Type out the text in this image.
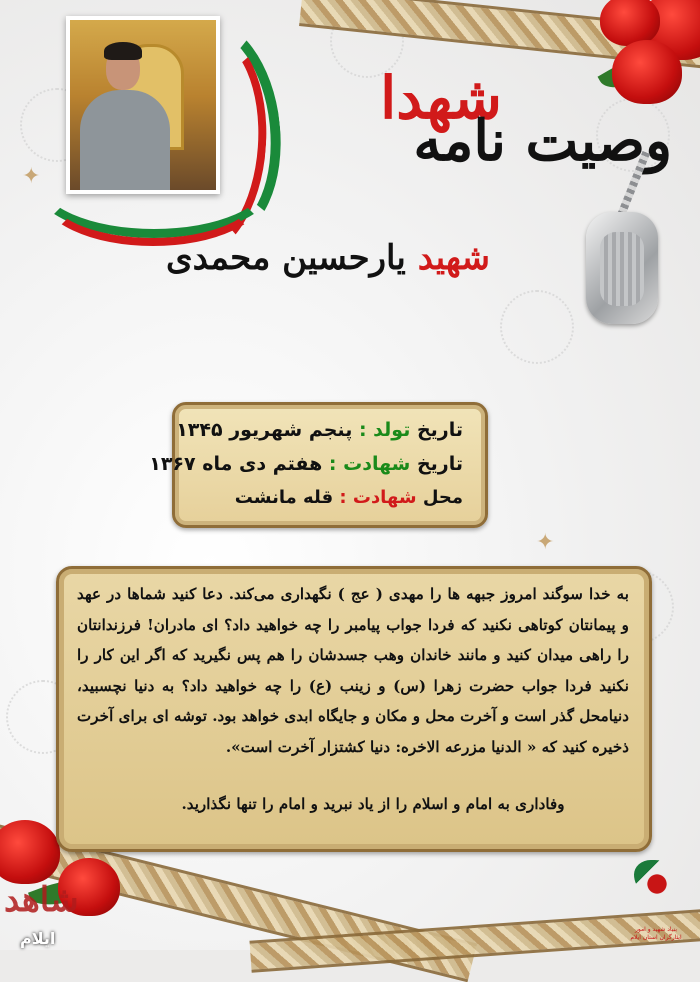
شهدا
وصیت نامه
شهید یارحسین محمدی
تاریخ تولد : پنجم شهریور ۱۳۴۵
تاریخ شهادت : هفتم دی ماه ۱۳۶۷
محل شهادت : قله مانشت
✦
✦
به خدا سوگند امروز جبهه ها را مهدی ( عج ) نگهداری می‌کند. دعا کنید شماها در عهد و پیمانتان کوتاهی نکنید که فردا جواب پیامبر را چه خواهید داد؟ ای مادران! فرزندانتان را راهی میدان کنید و مانند خاندان وهب جسدشان را هم پس نگیرید که اگر این کار را نکنید فردا جواب حضرت زهرا (س) و زینب (ع) را چه خواهید داد؟ به دنیا نچسبید، دنیامحل گذر است و آخرت محل و مکان و جایگاه ابدی خواهد بود. توشه ای برای آخرت ذخیره کنید که « الدنیا مزرعه الاخره: دنیا کشتزار آخرت است».
وفاداری به امام و اسلام را از یاد نبرید و امام را تنها نگذارید.
شاهد
ایلام	بنیاد شهید و امور ایثارگران استان ایلام
